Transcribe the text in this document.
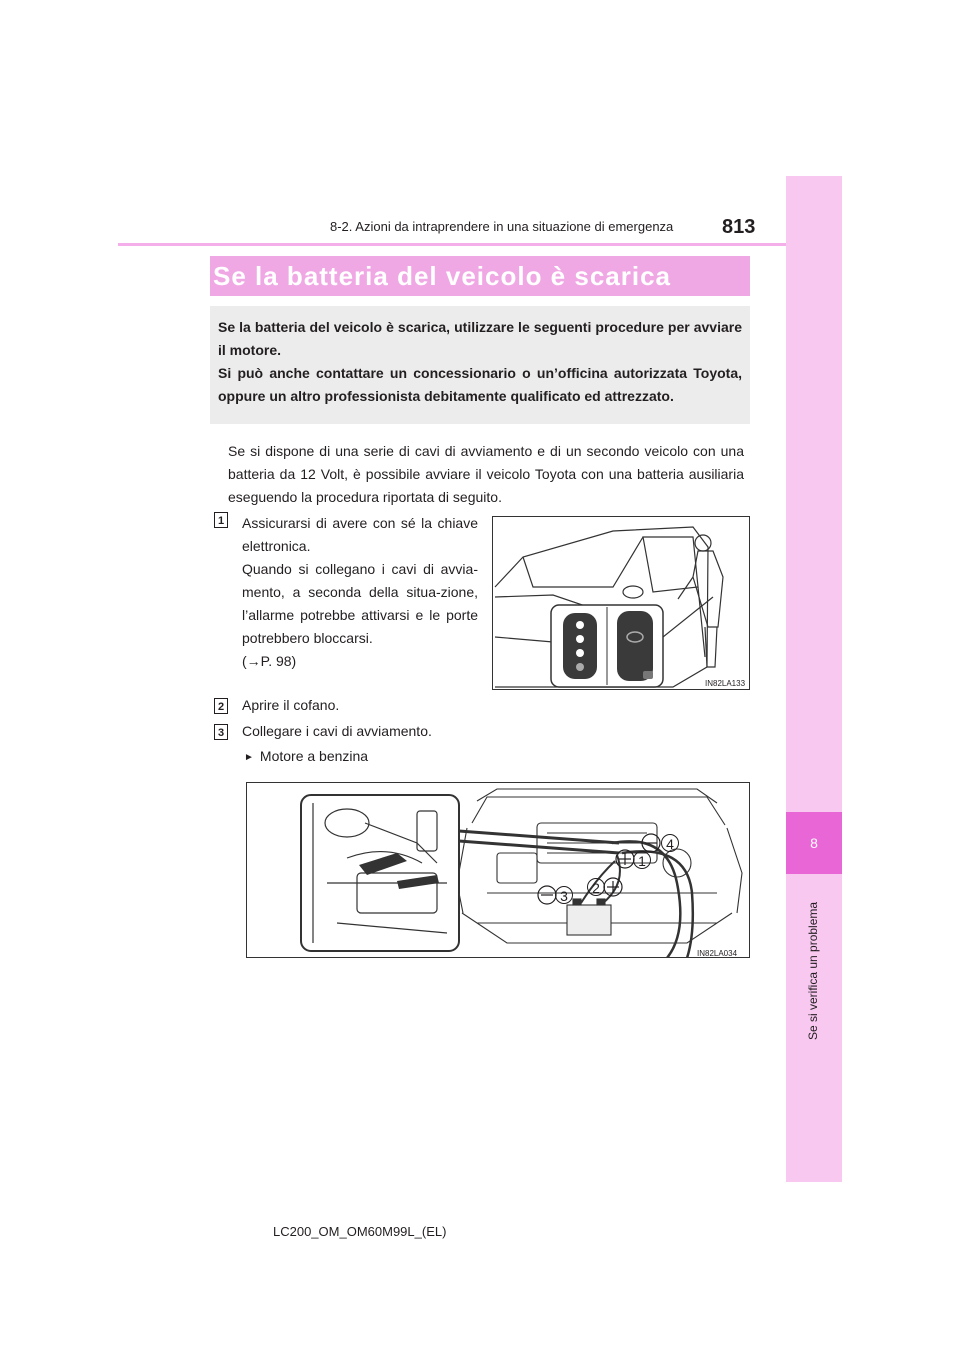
8
Se si verifica un problema
8-2. Azioni da intraprendere in una situazione di emergenza 813
Se la batteria del veicolo è scarica

Se la batteria del veicolo è scarica, utilizzare le seguenti procedure per avviare il motore.

Si può anche contattare un concessionario o un’officina autorizzata Toyota, oppure un altro professionista debitamente qualificato ed attrezzato.

Se si dispone di una serie di cavi di avviamento e di un secondo veicolo con una batteria da 12 Volt, è possibile avviare il veicolo Toyota con una batteria ausiliaria eseguendo la procedura riportata di seguito.
1 Assicurarsi di avere con sé la chiave elettronica.

Quando si collegano i cavi di avvia-mento, a seconda della situa-zione, l’allarme potrebbe attivarsi e le porte potrebbero bloccarsi.

(→P. 98)

IN82LA133
2 Aprire il cofano.
3 Collegare i cavi di avviamento.
► Motore a benzina
IN82LA034
1
2
3
4
LC200_OM_OM60M99L_(EL)
